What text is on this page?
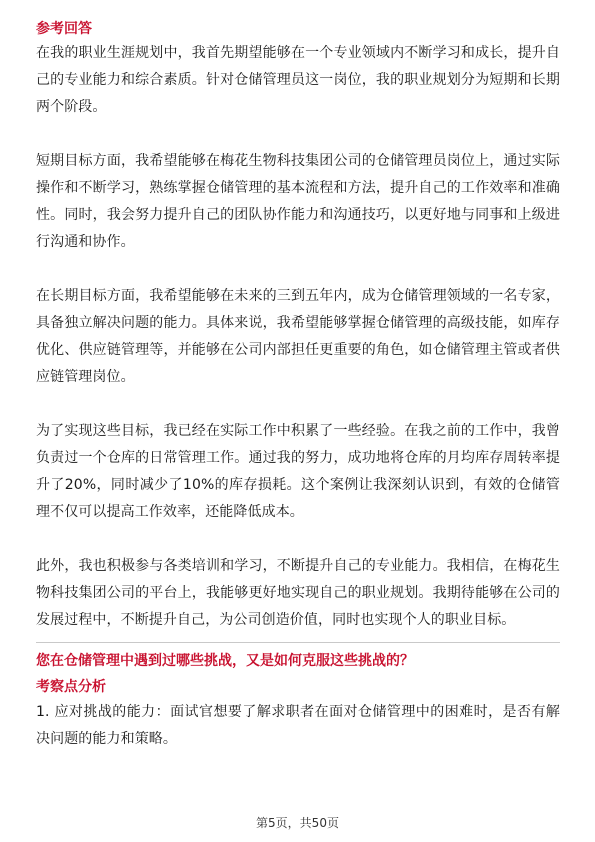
参考回答

在我的职业生涯规划中，我首先期望能够在一个专业领域内不断学习和成长，提升自己的专业能力和综合素质。针对仓储管理员这一岗位，我的职业规划分为短期和长期两个阶段。

短期目标方面，我希望能够在梅花生物科技集团公司的仓储管理员岗位上，通过实际操作和不断学习，熟练掌握仓储管理的基本流程和方法，提升自己的工作效率和准确性。同时，我会努力提升自己的团队协作能力和沟通技巧，以更好地与同事和上级进行沟通和协作。

在长期目标方面，我希望能够在未来的三到五年内，成为仓储管理领域的一名专家，具备独立解决问题的能力。具体来说，我希望能够掌握仓储管理的高级技能，如库存优化、供应链管理等，并能够在公司内部担任更重要的角色，如仓储管理主管或者供应链管理岗位。

为了实现这些目标，我已经在实际工作中积累了一些经验。在我之前的工作中，我曾负责过一个仓库的日常管理工作。通过我的努力，成功地将仓库的月均库存周转率提升了20%，同时减少了10%的库存损耗。这个案例让我深刻认识到，有效的仓储管理不仅可以提高工作效率，还能降低成本。

此外，我也积极参与各类培训和学习，不断提升自己的专业能力。我相信，在梅花生物科技集团公司的平台上，我能够更好地实现自己的职业规划。我期待能够在公司的发展过程中，不断提升自己，为公司创造价值，同时也实现个人的职业目标。

您在仓储管理中遇到过哪些挑战，又是如何克服这些挑战的？

考察点分析

1. 应对挑战的能力：面试官想要了解求职者在面对仓储管理中的困难时，是否有解决问题的能力和策略。

第5页，共50页
